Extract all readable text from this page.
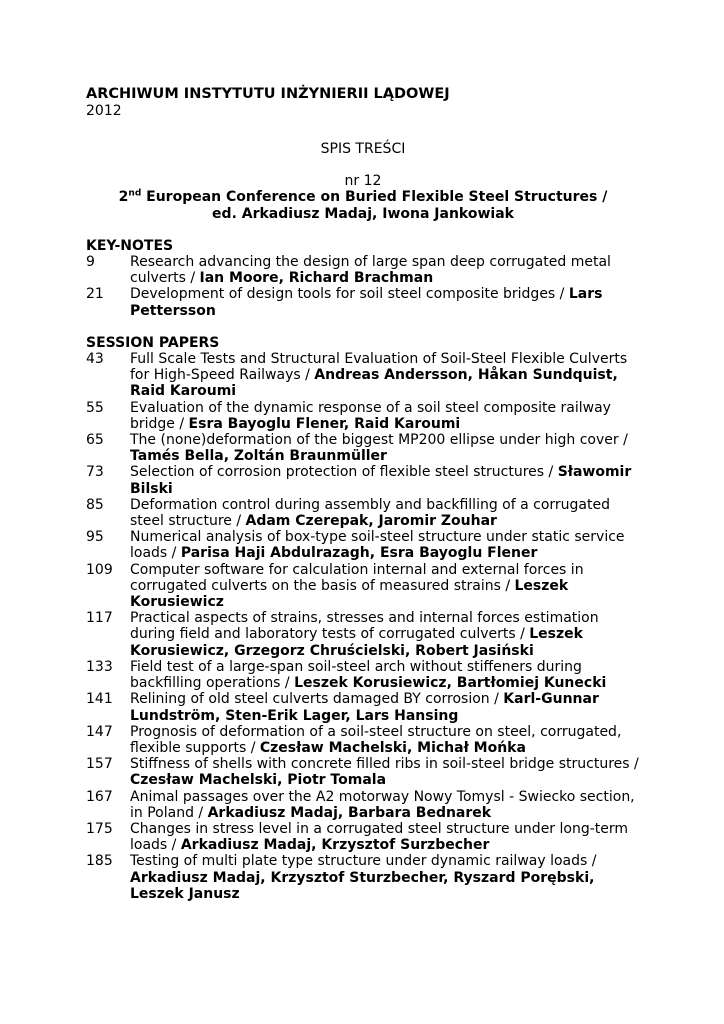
ARCHIWUM INSTYTUTU INŻYNIERII LĄDOWEJ
2012
SPIS TREŚCI
nr 12
2nd European Conference on Buried Flexible Steel Structures /
ed. Arkadiusz Madaj, Iwona Jankowiak
KEY-NOTES
9	Research advancing the design of large span deep corrugated metal culverts / Ian Moore, Richard Brachman
21	Development of design tools for soil steel composite bridges / Lars Pettersson
SESSION PAPERS
43	Full Scale Tests and Structural Evaluation of Soil-Steel Flexible Culverts for High-Speed Railways / Andreas Andersson, Håkan Sundquist, Raid Karoumi
55	Evaluation of the dynamic response of a soil steel composite railway bridge / Esra Bayoglu Flener, Raid Karoumi
65	The (none)deformation of the biggest MP200 ellipse under high cover / Tamés Bella, Zoltán Braunmüller
73	Selection of corrosion protection of flexible steel structures / Sławomir Bilski
85	Deformation control during assembly and backfilling of a corrugated steel structure / Adam Czerepak, Jaromir Zouhar
95	Numerical analysis of box-type soil-steel structure under static service loads / Parisa Haji Abdulrazagh, Esra Bayoglu Flener
109	Computer software for calculation internal and external forces in corrugated culverts on the basis of measured strains / Leszek Korusiewicz
117	Practical aspects of strains, stresses and internal forces estimation during field and laboratory tests of corrugated culverts / Leszek Korusiewicz, Grzegorz Chruścielski, Robert Jasiński
133	Field test of a large-span soil-steel arch without stiffeners during backfilling operations / Leszek Korusiewicz, Bartłomiej Kunecki
141	Relining of old steel culverts damaged BY corrosion / Karl-Gunnar Lundström, Sten-Erik Lager, Lars Hansing
147	Prognosis of deformation of a soil-steel structure on steel, corrugated, flexible supports / Czesław Machelski, Michał Mońka
157	Stiffness of shells with concrete filled ribs in soil-steel bridge structures / Czesław Machelski, Piotr Tomala
167	Animal passages over the A2 motorway Nowy Tomysl - Swiecko section, in Poland / Arkadiusz Madaj, Barbara Bednarek
175	Changes in stress level in a corrugated steel structure under long-term loads / Arkadiusz Madaj, Krzysztof Surzbecher
185	Testing of multi plate type structure under dynamic railway loads / Arkadiusz Madaj, Krzysztof Sturzbecher, Ryszard Porębski, Leszek Janusz
